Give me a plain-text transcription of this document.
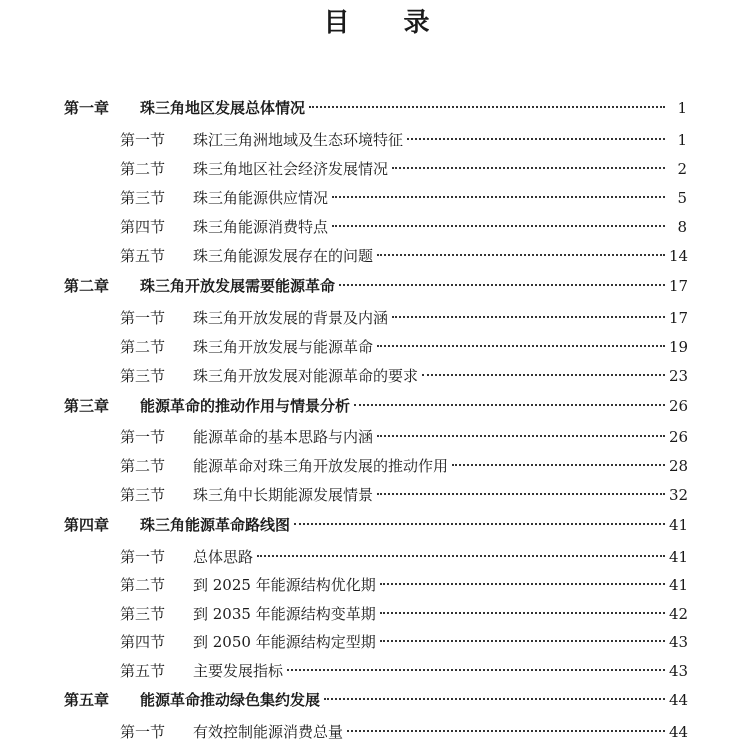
目 录
第一章 珠三角地区发展总体情况	1
第一节 珠江三角洲地域及生态环境特征	1
第二节 珠三角地区社会经济发展情况	2
第三节 珠三角能源供应情况	5
第四节 珠三角能源消费特点	8
第五节 珠三角能源发展存在的问题	14
第二章 珠三角开放发展需要能源革命	17
第一节 珠三角开放发展的背景及内涵	17
第二节 珠三角开放发展与能源革命	19
第三节 珠三角开放发展对能源革命的要求	23
第三章 能源革命的推动作用与情景分析	26
第一节 能源革命的基本思路与内涵	26
第二节 能源革命对珠三角开放发展的推动作用	28
第三节 珠三角中长期能源发展情景	32
第四章 珠三角能源革命路线图	41
第一节 总体思路	41
第二节 到 2025 年能源结构优化期	41
第三节 到 2035 年能源结构变革期	42
第四节 到 2050 年能源结构定型期	43
第五节 主要发展指标	43
第五章 能源革命推动绿色集约发展	44
第一节 有效控制能源消费总量	44
